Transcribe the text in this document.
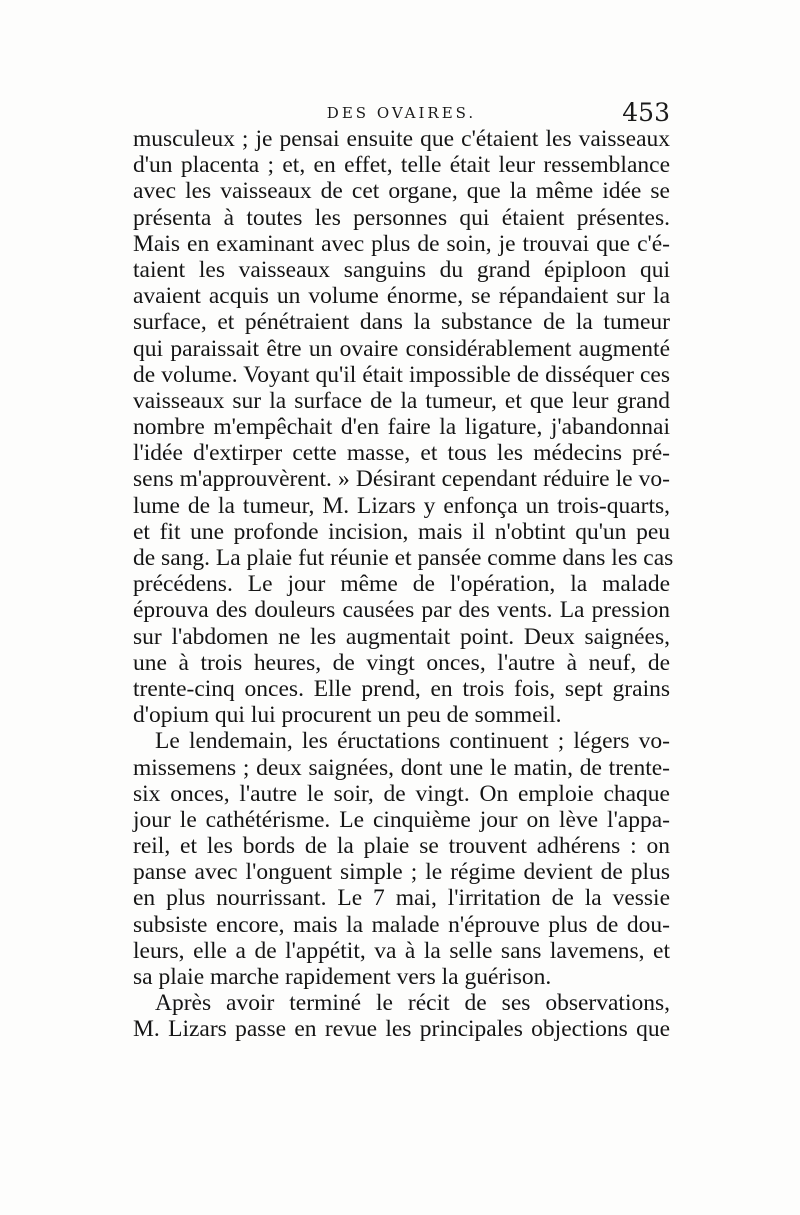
DES OVAIRES.	453
musculeux ; je pensai ensuite que c'étaient les vaisseaux
d'un placenta ; et, en effet, telle était leur ressemblance
avec les vaisseaux de cet organe, que la même idée se
présenta à toutes les personnes qui étaient présentes.
Mais en examinant avec plus de soin, je trouvai que c'é-
taient les vaisseaux sanguins du grand épiploon qui
avaient acquis un volume énorme, se répandaient sur la
surface, et pénétraient dans la substance de la tumeur
qui paraissait être un ovaire considérablement augmenté
de volume. Voyant qu'il était impossible de disséquer ces
vaisseaux sur la surface de la tumeur, et que leur grand
nombre m'empêchait d'en faire la ligature, j'abandonnai
l'idée d'extirper cette masse, et tous les médecins pré-
sens m'approuvèrent. » Désirant cependant réduire le vo-
lume de la tumeur, M. Lizars y enfonça un trois-quarts,
et fit une profonde incision, mais il n'obtint qu'un peu
de sang. La plaie fut réunie et pansée comme dans les cas
précédens. Le jour même de l'opération, la malade
éprouva des douleurs causées par des vents. La pression
sur l'abdomen ne les augmentait point. Deux saignées,
une à trois heures, de vingt onces, l'autre à neuf, de
trente-cinq onces. Elle prend, en trois fois, sept grains
d'opium qui lui procurent un peu de sommeil.
Le lendemain, les éructations continuent ; légers vo-
missemens ; deux saignées, dont une le matin, de trente-
six onces, l'autre le soir, de vingt. On emploie chaque
jour le cathétérisme. Le cinquième jour on lève l'appa-
reil, et les bords de la plaie se trouvent adhérens : on
panse avec l'onguent simple ; le régime devient de plus
en plus nourrissant. Le 7 mai, l'irritation de la vessie
subsiste encore, mais la malade n'éprouve plus de dou-
leurs, elle a de l'appétit, va à la selle sans lavemens, et
sa plaie marche rapidement vers la guérison.
Après avoir terminé le récit de ses observations,
M. Lizars passe en revue les principales objections que
